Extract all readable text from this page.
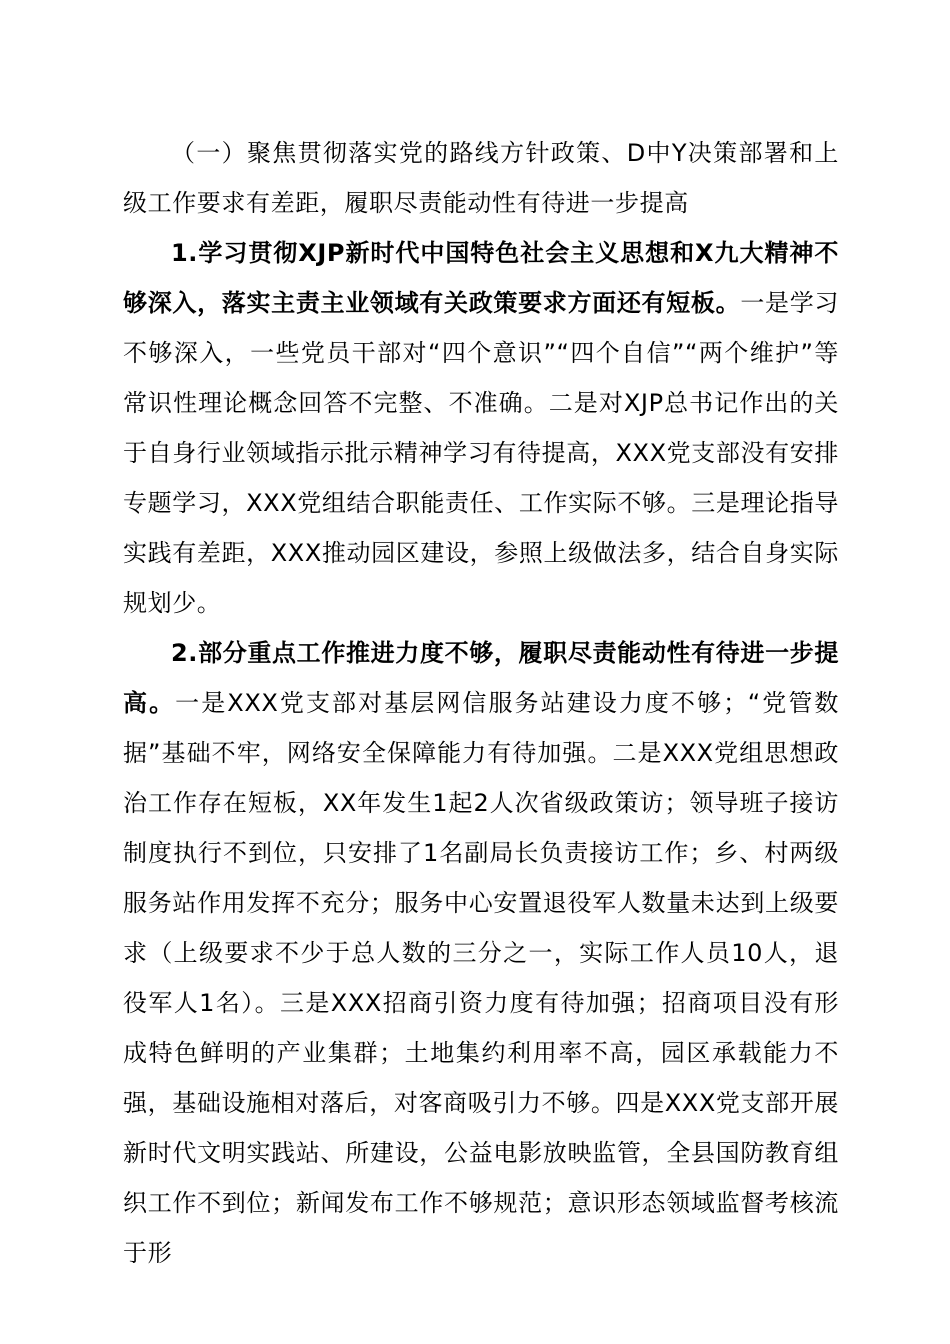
（一）聚焦贯彻落实党的路线方针政策、D中Y决策部署和上级工作要求有差距，履职尽责能动性有待进一步提高

1.学习贯彻XJP新时代中国特色社会主义思想和X九大精神不够深入，落实主责主业领域有关政策要求方面还有短板。一是学习不够深入，一些党员干部对“四个意识”“四个自信”“两个维护”等常识性理论概念回答不完整、不准确。二是对XJP总书记作出的关于自身行业领域指示批示精神学习有待提高，XXX党支部没有安排专题学习，XXX党组结合职能责任、工作实际不够。三是理论指导实践有差距，XXX推动园区建设，参照上级做法多，结合自身实际规划少。

2.部分重点工作推进力度不够，履职尽责能动性有待进一步提高。一是XXX党支部对基层网信服务站建设力度不够；“党管数据”基础不牢，网络安全保障能力有待加强。二是XXX党组思想政治工作存在短板，XX年发生1起2人次省级政策访；领导班子接访制度执行不到位，只安排了1名副局长负责接访工作；乡、村两级服务站作用发挥不充分；服务中心安置退役军人数量未达到上级要求（上级要求不少于总人数的三分之一，实际工作人员10人，退役军人1名）。三是XXX招商引资力度有待加强；招商项目没有形成特色鲜明的产业集群；土地集约利用率不高，园区承载能力不强，基础设施相对落后，对客商吸引力不够。四是XXX党支部开展新时代文明实践站、所建设，公益电影放映监管，全县国防教育组织工作不到位；新闻发布工作不够规范；意识形态领域监督考核流于形
